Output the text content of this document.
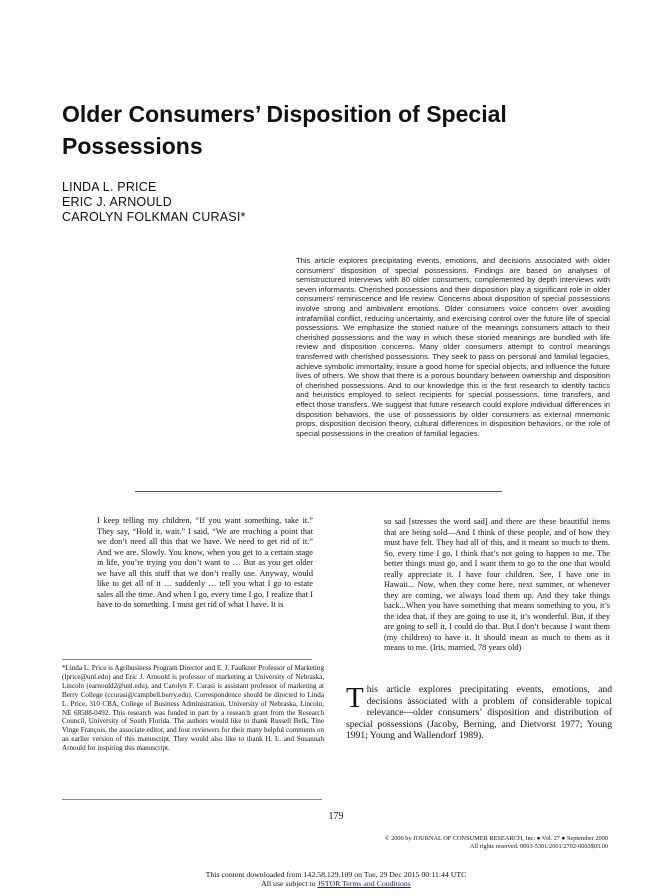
Older Consumers’ Disposition of Special Possessions
LINDA L. PRICE
ERIC J. ARNOULD
CAROLYN FOLKMAN CURASI*

This article explores precipitating events, emotions, and decisions associated with older consumers’ disposition of special possessions. Findings are based on analyses of semistructured interviews with 80 older consumers, complemented by depth interviews with seven informants. Cherished possessions and their disposition play a significant role in older consumers’ reminiscence and life review. Concerns about disposition of special possessions involve strong and ambivalent emotions. Older consumers voice concern over avoiding intrafamilial conflict, reducing uncertainty, and exercising control over the future life of special possessions. We emphasize the storied nature of the meanings consumers attach to their cherished possessions and the way in which these storied meanings are bundled with life review and disposition concerns. Many older consumers attempt to control meanings transferred with cherished possessions. They seek to pass on personal and familial legacies, achieve symbolic immortality, insure a good home for special objects, and influence the future lives of others. We show that there is a porous boundary between ownership and disposition of cherished possessions. And to our knowledge this is the first research to identify tactics and heuristics employed to select recipients for special possessions, time transfers, and effect those transfers. We suggest that future research could explore individual differences in disposition behaviors, the use of possessions by older consumers as external mnemonic props, disposition decision theory, cultural differences in disposition behaviors, or the role of special possessions in the creation of familial legacies.

I keep telling my children, “If you want something, take it.” They say, “Hold it, wait.” I said, “We are reaching a point that we don’t need all this that we have. We need to get rid of it.” And we are. Slowly. You know, when you get to a certain stage in life, you’re trying you don’t want to … But as you get older we have all this stuff that we don’t really use. Anyway, would like to get all of it … suddenly … tell you what I go to estate sales all the time. And when I go, every time I go, I realize that I have to do something. I must get rid of what I have. It is

*Linda L. Price is Agribusiness Program Director and E. J. Faulkner Professor of Marketing (lprice@unl.edu) and Eric J. Arnould is professor of marketing at University of Nebraska, Lincoln (earnould2@unl.edu), and Carolyn F. Curasi is assistant professor of marketing at Berry College (ccurasi@campbell.berry.edu). Correspondence should be directed to Linda L. Price, 310 CBA, College of Business Administration, University of Nebraska, Lincoln, NE 68588-0492. This research was funded in part by a research grant from the Research Council, University of South Florida. The authors would like to thank Russell Belk, Tine Vinge François, the associate editor, and four reviewers for their many helpful comments on an earlier version of this manuscript. They would also like to thank H. L. and Susannah Arnould for inspiring this manuscript.

so sad [stresses the word sad] and there are these beautiful items that are being sold—And I think of these people, and of how they must have felt. They had all of this, and it meant so much to them. So, every time I go, I think that’s not going to happen to me. The better things must go, and I want them to go to the one that would really appreciate it. I have four children. See, I have one in Hawaii... Now, when they come here, next summer, or whenever they are coming, we always load them up. And they take things back...When you have something that means something to you, it’s the idea that, if they are going to use it, it’s wonderful. But, if they are going to sell it, I could do that. But I don’t because I want them (my children) to have it. It should mean as much to them as it means to me. (Iris, married, 78 years old)

This article explores precipitating events, emotions, and decisions associated with a problem of considerable topical relevance—older consumers’ disposition and distribution of special possessions (Jacoby, Berning, and Dietvorst 1977; Young 1991; Young and Wallendorf 1989).

179
© 2000 by JOURNAL OF CONSUMER RESEARCH, Inc. ● Vol. 27 ● September 2000
All rights reserved. 0093-5301/2001/2702-0003$03.00
This content downloaded from 142.58.129.109 on Tue, 29 Dec 2015 00:11:44 UTC
All use subject to JSTOR Terms and Conditions
